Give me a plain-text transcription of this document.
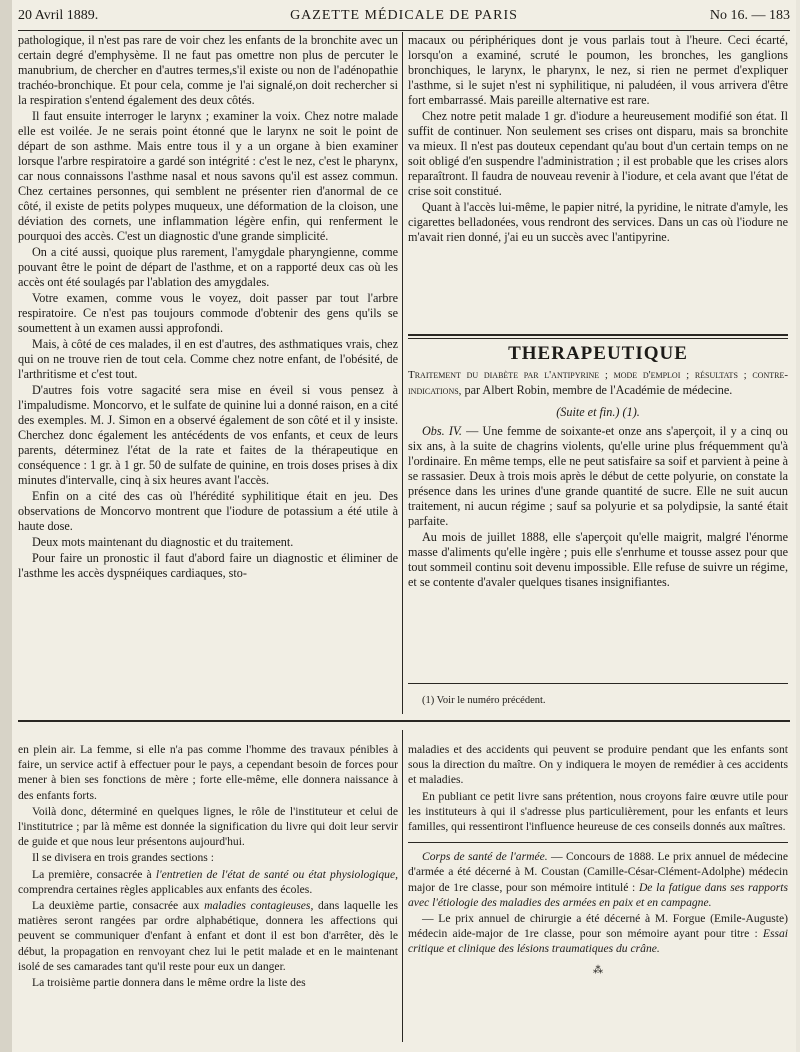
20 Avril 1889.	GAZETTE MÉDICALE DE PARIS	No 16. — 183

pathologique, il n'est pas rare de voir chez les enfants de la bronchite avec un certain degré d'emphysème. Il ne faut pas omettre non plus de percuter le manubrium, de chercher en d'autres termes,s'il existe ou non de l'adénopathie trachéo-bronchique. Et pour cela, comme je l'ai signalé,on doit rechercher si la respiration s'entend également des deux côtés.

Il faut ensuite interroger le larynx ; examiner la voix. Chez notre malade elle est voilée. Je ne serais point étonné que le larynx ne soit le point de départ de son asthme. Mais entre tous il y a un organe à bien examiner lorsque l'arbre respiratoire a gardé son intégrité : c'est le nez, c'est le pharynx, car nous connaissons l'asthme nasal et nous savons qu'il est assez commun. Chez certaines personnes, qui semblent ne présenter rien d'anormal de ce côté, il existe de petits polypes muqueux, une déformation de la cloison, une déviation des cornets, une inflammation légère enfin, qui renferment le pourquoi des accès. C'est un diagnostic d'une grande simplicité.

On a cité aussi, quoique plus rarement, l'amygdale pharyngienne, comme pouvant être le point de départ de l'asthme, et on a rapporté deux cas où les accès ont été soulagés par l'ablation des amygdales.

Votre examen, comme vous le voyez, doit passer par tout l'arbre respiratoire. Ce n'est pas toujours commode d'obtenir des gens qu'ils se soumettent à un examen aussi approfondi.

Mais, à côté de ces malades, il en est d'autres, des asthmatiques vrais, chez qui on ne trouve rien de tout cela. Comme chez notre enfant, de l'obésité, de l'arthritisme et c'est tout.

D'autres fois votre sagacité sera mise en éveil si vous pensez à l'impaludisme. Moncorvo, et le sulfate de quinine lui a donné raison, en a cité des exemples. M. J. Simon en a observé également de son côté et il y insiste. Cherchez donc également les antécédents de vos enfants, et ceux de leurs parents, déterminez l'état de la rate et faites de la thérapeutique en conséquence : 1 gr. à 1 gr. 50 de sulfate de quinine, en trois doses prises à dix minutes d'intervalle, cinq à six heures avant l'accès.

Enfin on a cité des cas où l'hérédité syphilitique était en jeu. Des observations de Moncorvo montrent que l'iodure de potassium a été utile à haute dose.

Deux mots maintenant du diagnostic et du traitement.

Pour faire un pronostic il faut d'abord faire un diagnostic et éliminer de l'asthme les accès dyspnéiques cardiaques, sto-

macaux ou périphériques dont je vous parlais tout à l'heure. Ceci écarté, lorsqu'on a examiné, scruté le poumon, les bronches, les ganglions bronchiques, le larynx, le pharynx, le nez, si rien ne permet d'expliquer l'asthme, si le sujet n'est ni syphilitique, ni paludéen, il vous arrivera d'être fort embarrassé. Mais pareille alternative est rare.

Chez notre petit malade 1 gr. d'iodure a heureusement modifié son état. Il suffit de continuer. Non seulement ses crises ont disparu, mais sa bronchite va mieux. Il n'est pas douteux cependant qu'au bout d'un certain temps on ne soit obligé d'en suspendre l'administration ; il est probable que les crises alors reparaîtront. Il faudra de nouveau revenir à l'iodure, et cela avant que l'état de crise soit constitué.

Quant à l'accès lui-même, le papier nitré, la pyridine, le nitrate d'amyle, les cigarettes belladonées, vous rendront des services. Dans un cas où l'iodure ne m'avait rien donné, j'ai eu un succès avec l'antipyrine.

THERAPEUTIQUE

Traitement du diabète par l'antipyrine ; mode d'emploi ; résultats ; contre-indications, par Albert Robin, membre de l'Académie de médecine.

(Suite et fin.) (1).

Obs. IV. — Une femme de soixante-et onze ans s'aperçoit, il y a cinq ou six ans, à la suite de chagrins violents, qu'elle urine plus fréquemment qu'à l'ordinaire. En même temps, elle ne peut satisfaire sa soif et parvient à peine à se rassasier. Deux à trois mois après le début de cette polyurie, on constate la présence dans les urines d'une grande quantité de sucre. Elle ne suit aucun traitement, ni aucun régime ; sauf sa polyurie et sa polydipsie, la santé était parfaite.

Au mois de juillet 1888, elle s'aperçoit qu'elle maigrit, malgré l'énorme masse d'aliments qu'elle ingère ; puis elle s'enrhume et tousse assez pour que tout sommeil continu soit devenu impossible. Elle refuse de suivre un régime, et se contente d'avaler quelques tisanes insignifiantes.

(1) Voir le numéro précédent.

en plein air. La femme, si elle n'a pas comme l'homme des travaux pénibles à faire, un service actif à effectuer pour le pays, a cependant besoin de forces pour mener à bien ses fonctions de mère ; forte elle-même, elle donnera naissance à des enfants forts.

Voilà donc, déterminé en quelques lignes, le rôle de l'instituteur et celui de l'institutrice ; par là même est donnée la signification du livre qui doit leur servir de guide et que nous leur présentons aujourd'hui.

Il se divisera en trois grandes sections :

La première, consacrée à l'entretien de l'état de santé ou état physiologique, comprendra certaines règles applicables aux enfants des écoles.

La deuxième partie, consacrée aux maladies contagieuses, dans laquelle les matières seront rangées par ordre alphabétique, donnera les affections qui peuvent se communiquer d'enfant à enfant et dont il est bon d'arrêter, dès le début, la propagation en renvoyant chez lui le petit malade et en le maintenant isolé de ses camarades tant qu'il reste pour eux un danger.

La troisième partie donnera dans le même ordre la liste des

maladies et des accidents qui peuvent se produire pendant que les enfants sont sous la direction du maître. On y indiquera le moyen de remédier à ces accidents et maladies.

En publiant ce petit livre sans prétention, nous croyons faire œuvre utile pour les instituteurs à qui il s'adresse plus particulièrement, pour les enfants et leurs familles, qui ressentiront l'influence heureuse de ces conseils donnés aux maîtres.

Corps de santé de l'armée. — Concours de 1888. Le prix annuel de médecine d'armée a été décerné à M. Coustan (Camille-César-Clément-Adolphe) médecin major de 1re classe, pour son mémoire intitulé : De la fatigue dans ses rapports avec l'étiologie des maladies des armées en paix et en campagne.

— Le prix annuel de chirurgie a été décerné à M. Forgue (Emile-Auguste) médecin aide-major de 1re classe, pour son mémoire ayant pour titre : Essai critique et clinique des lésions traumatiques du crâne.

⁂
